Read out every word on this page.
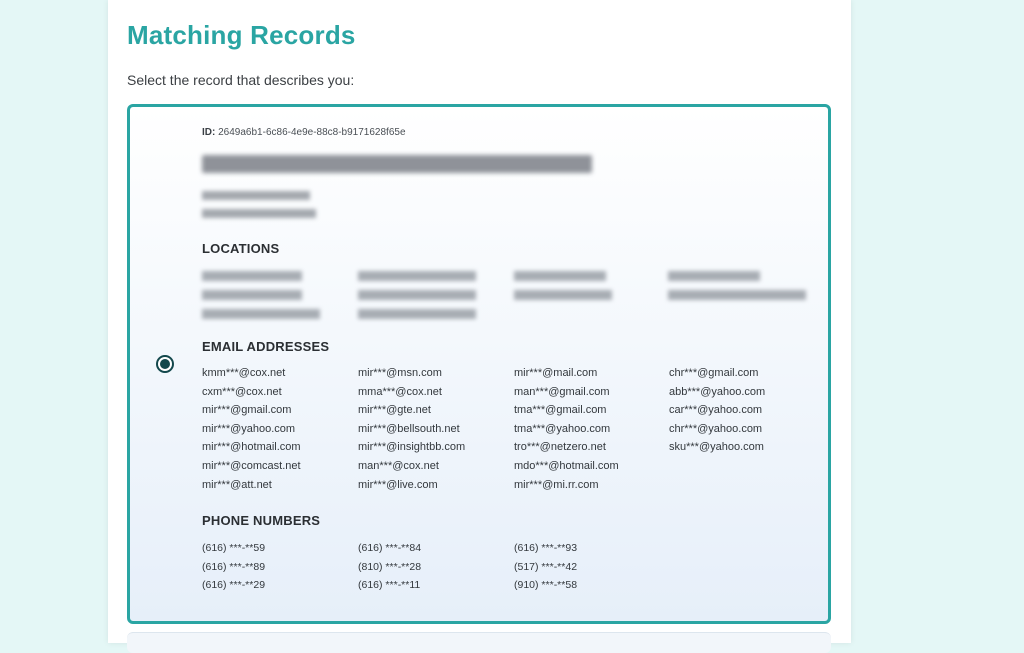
Matching Records
Select the record that describes you:
ID: 2649a6b1-6c86-4e9e-88c8-b9171628f65e
LOCATIONS
EMAIL ADDRESSES
kmm***@cox.net
cxm***@cox.net
mir***@gmail.com
mir***@yahoo.com
mir***@hotmail.com
mir***@comcast.net
mir***@att.net
mir***@msn.com
mma***@cox.net
mir***@gte.net
mir***@bellsouth.net
mir***@insightbb.com
man***@cox.net
mir***@live.com
mir***@mail.com
man***@gmail.com
tma***@gmail.com
tma***@yahoo.com
tro***@netzero.net
mdo***@hotmail.com
mir***@mi.rr.com
chr***@gmail.com
abb***@yahoo.com
car***@yahoo.com
chr***@yahoo.com
sku***@yahoo.com
PHONE NUMBERS
(616) ***-**59
(616) ***-**89
(616) ***-**29
(616) ***-**84
(810) ***-**28
(616) ***-**11
(616) ***-**93
(517) ***-**42
(910) ***-**58
